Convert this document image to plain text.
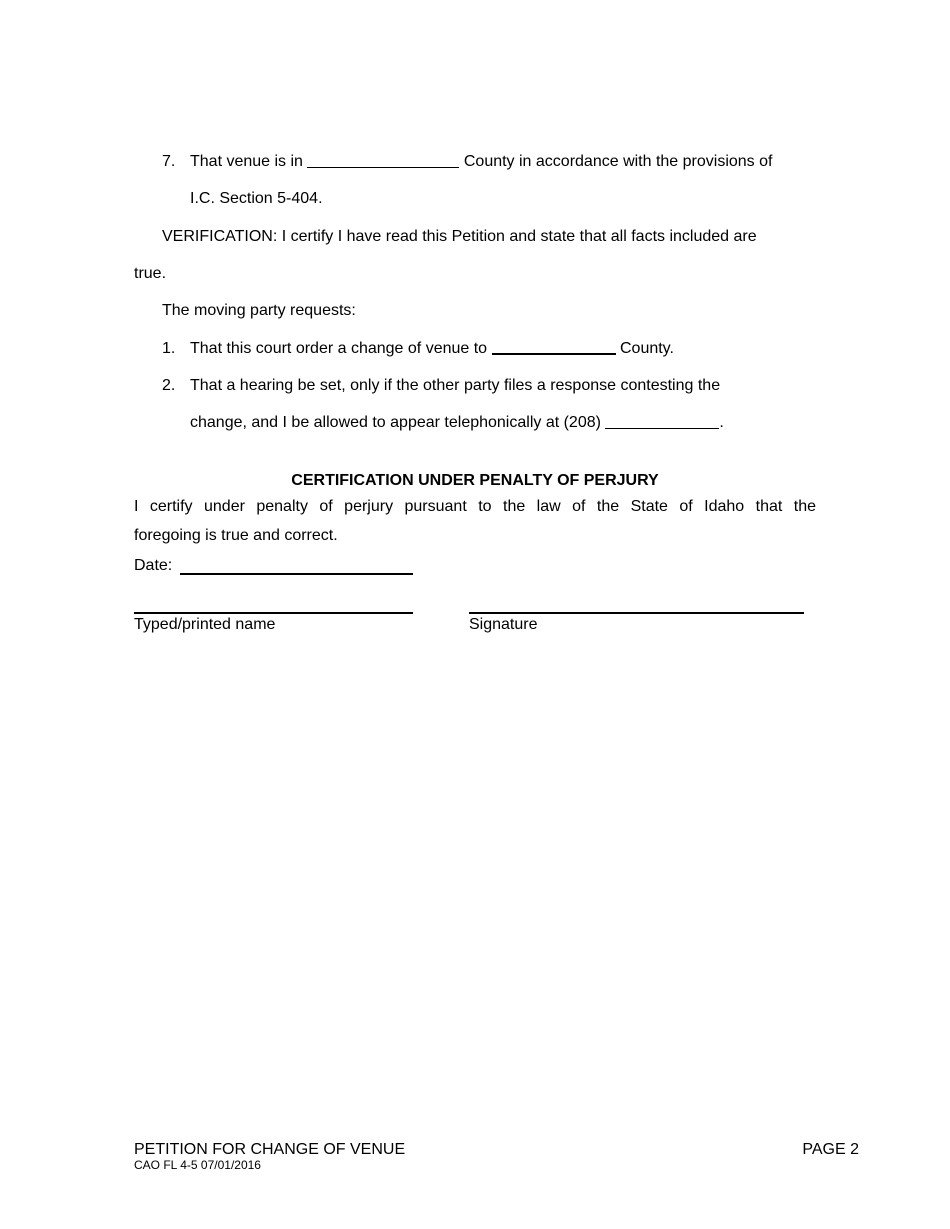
7. That venue is in	County in accordance with the provisions of
I.C. Section 5-404.
VERIFICATION: I certify I have read this Petition and state that all facts included are
true.
The moving party requests:
1. That this court order a change of venue to	County.
2. That a hearing be set, only if the other party files a response contesting the
change, and I be allowed to appear telephonically at (208)	.
CERTIFICATION UNDER PENALTY OF PERJURY
I certify under penalty of perjury pursuant to the law of the State of Idaho that the
foregoing is true and correct.
Date:
Typed/printed name	Signature
PETITION FOR CHANGE OF VENUE
CAO FL 4-5 07/01/2016
PAGE 2
